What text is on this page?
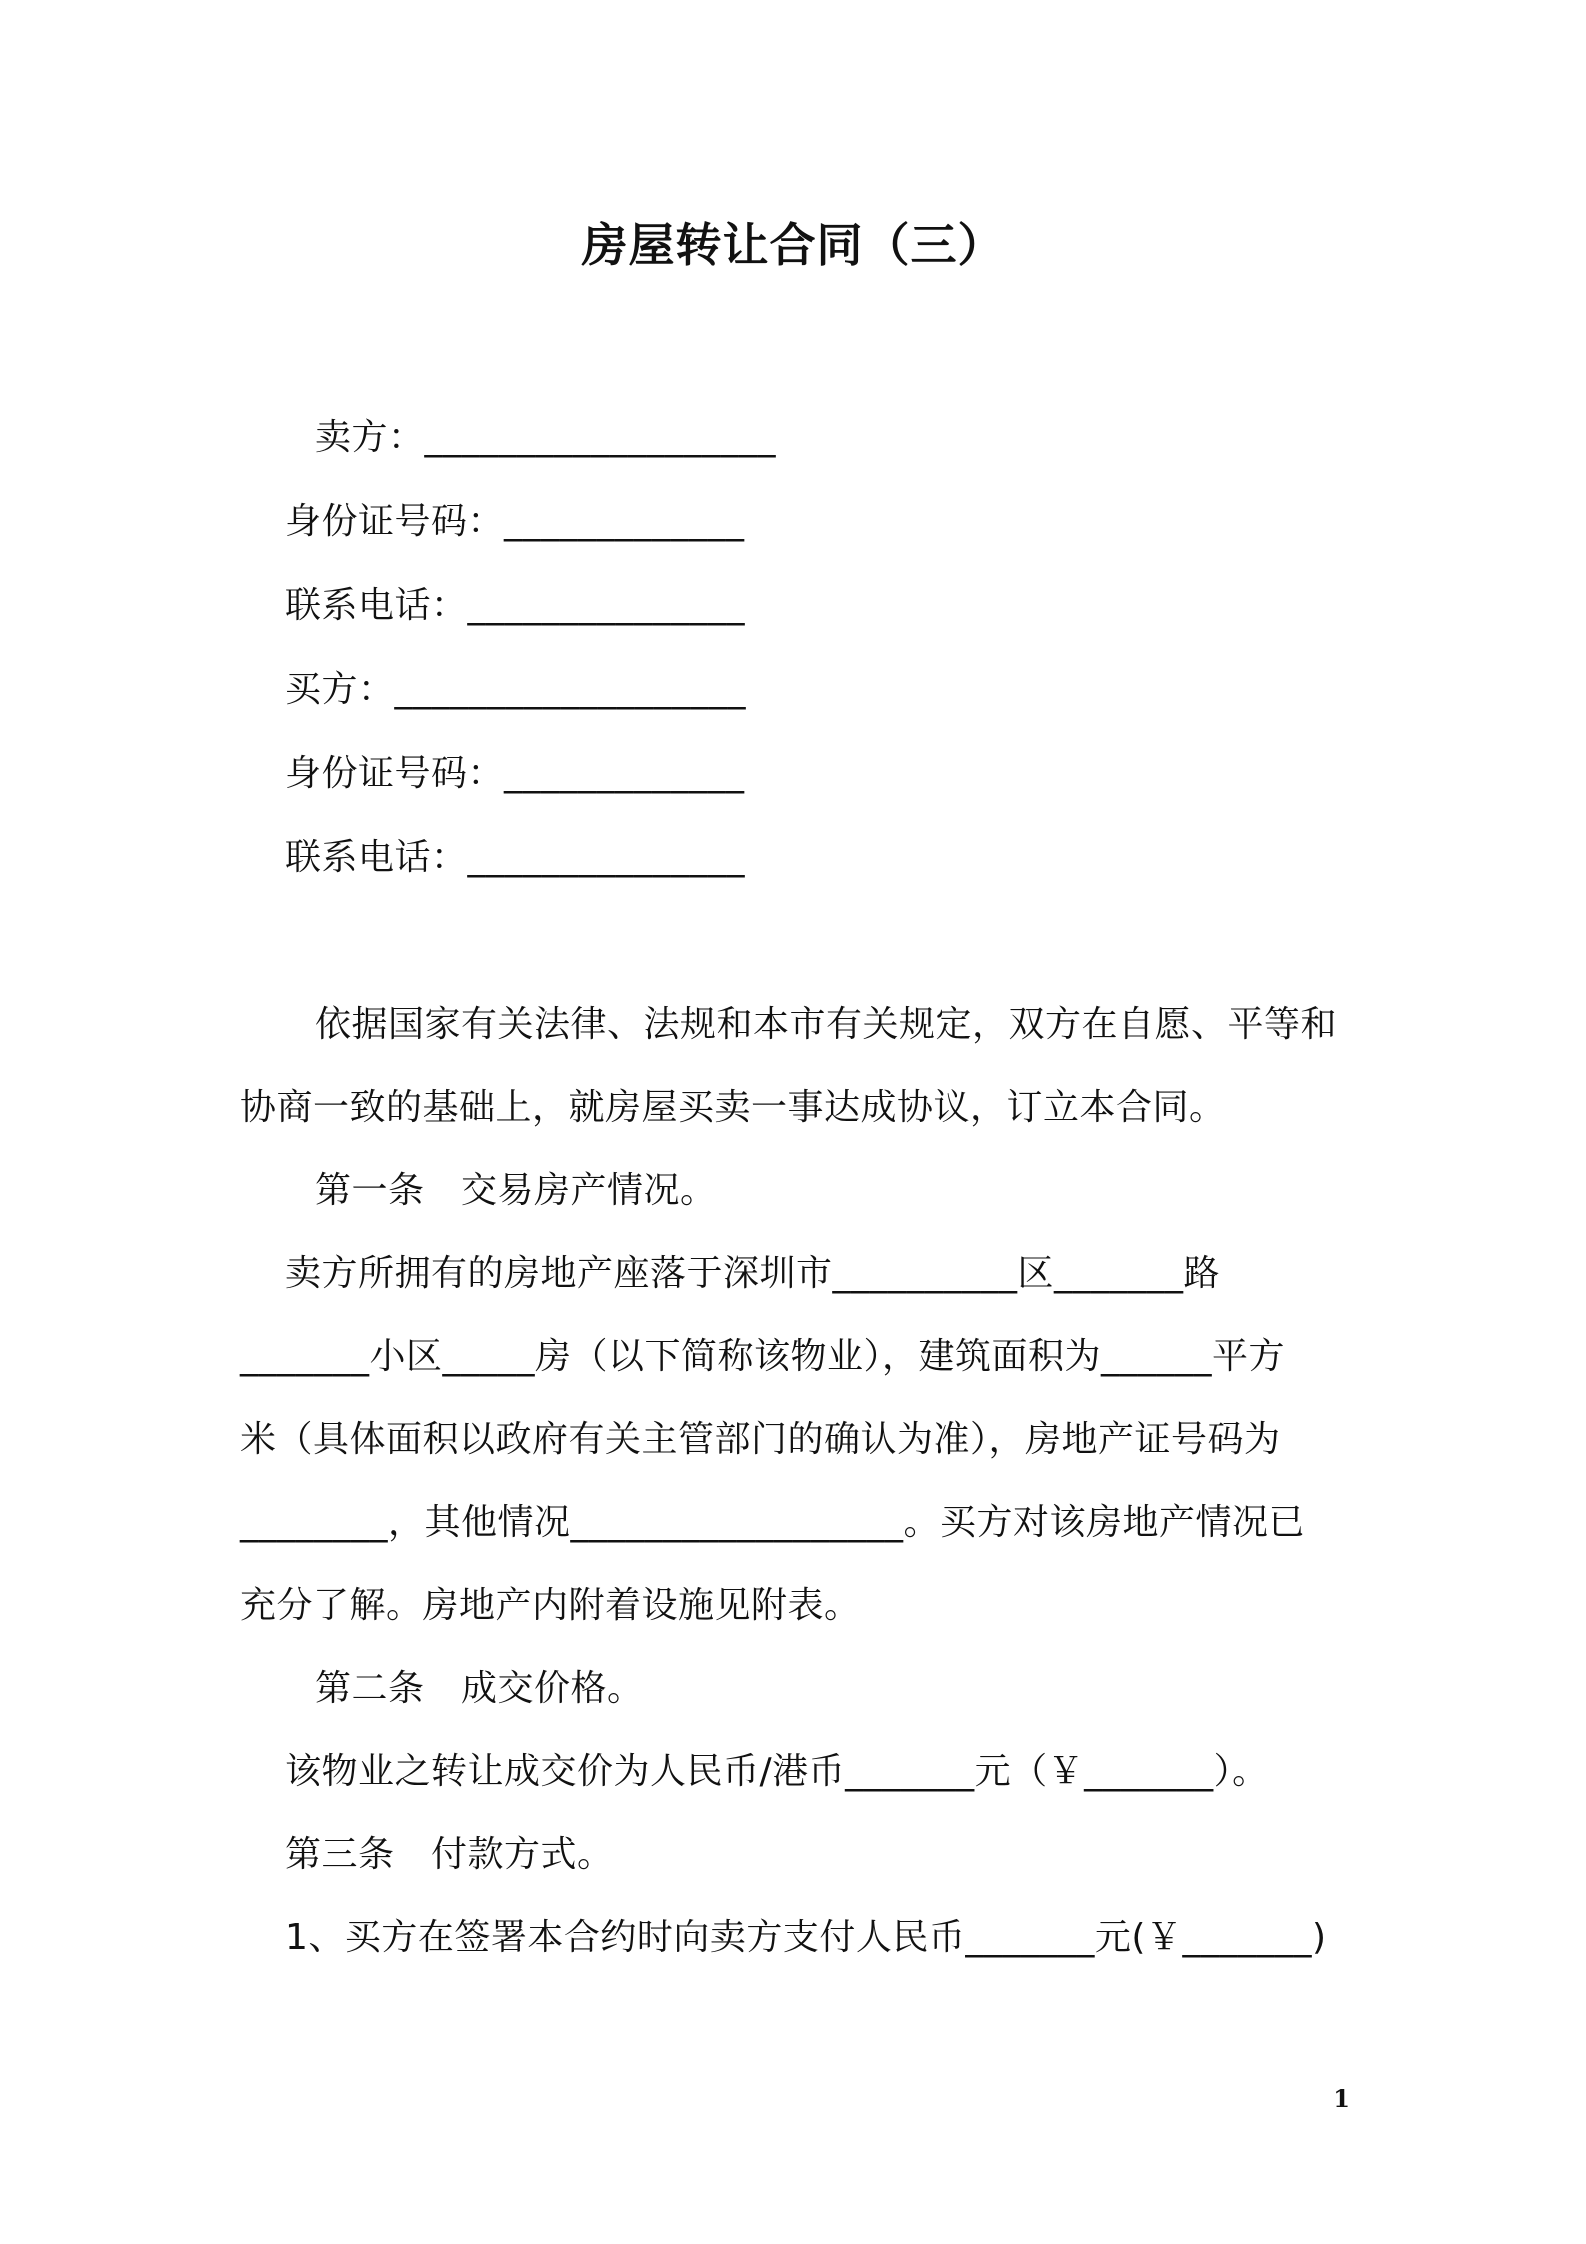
房屋转让合同（三）
卖方：___________________
身份证号码：_____________
联系电话：_______________
买方：___________________
身份证号码：_____________
联系电话：_______________
依据国家有关法律、法规和本市有关规定，双方在自愿、平等和
协商一致的基础上，就房屋买卖一事达成协议，订立本合同。
第一条　交易房产情况。
卖方所拥有的房地产座落于深圳市__________区_______路
_______小区_____房（以下简称该物业），建筑面积为______平方
米（具体面积以政府有关主管部门的确认为准），房地产证号码为
________，其他情况__________________。买方对该房地产情况已
充分了解。房地产内附着设施见附表。
第二条　成交价格。
该物业之转让成交价为人民币/港币_______元（￥_______）。
第三条　付款方式。
1、买方在签署本合约时向卖方支付人民币_______元(￥_______)
1
